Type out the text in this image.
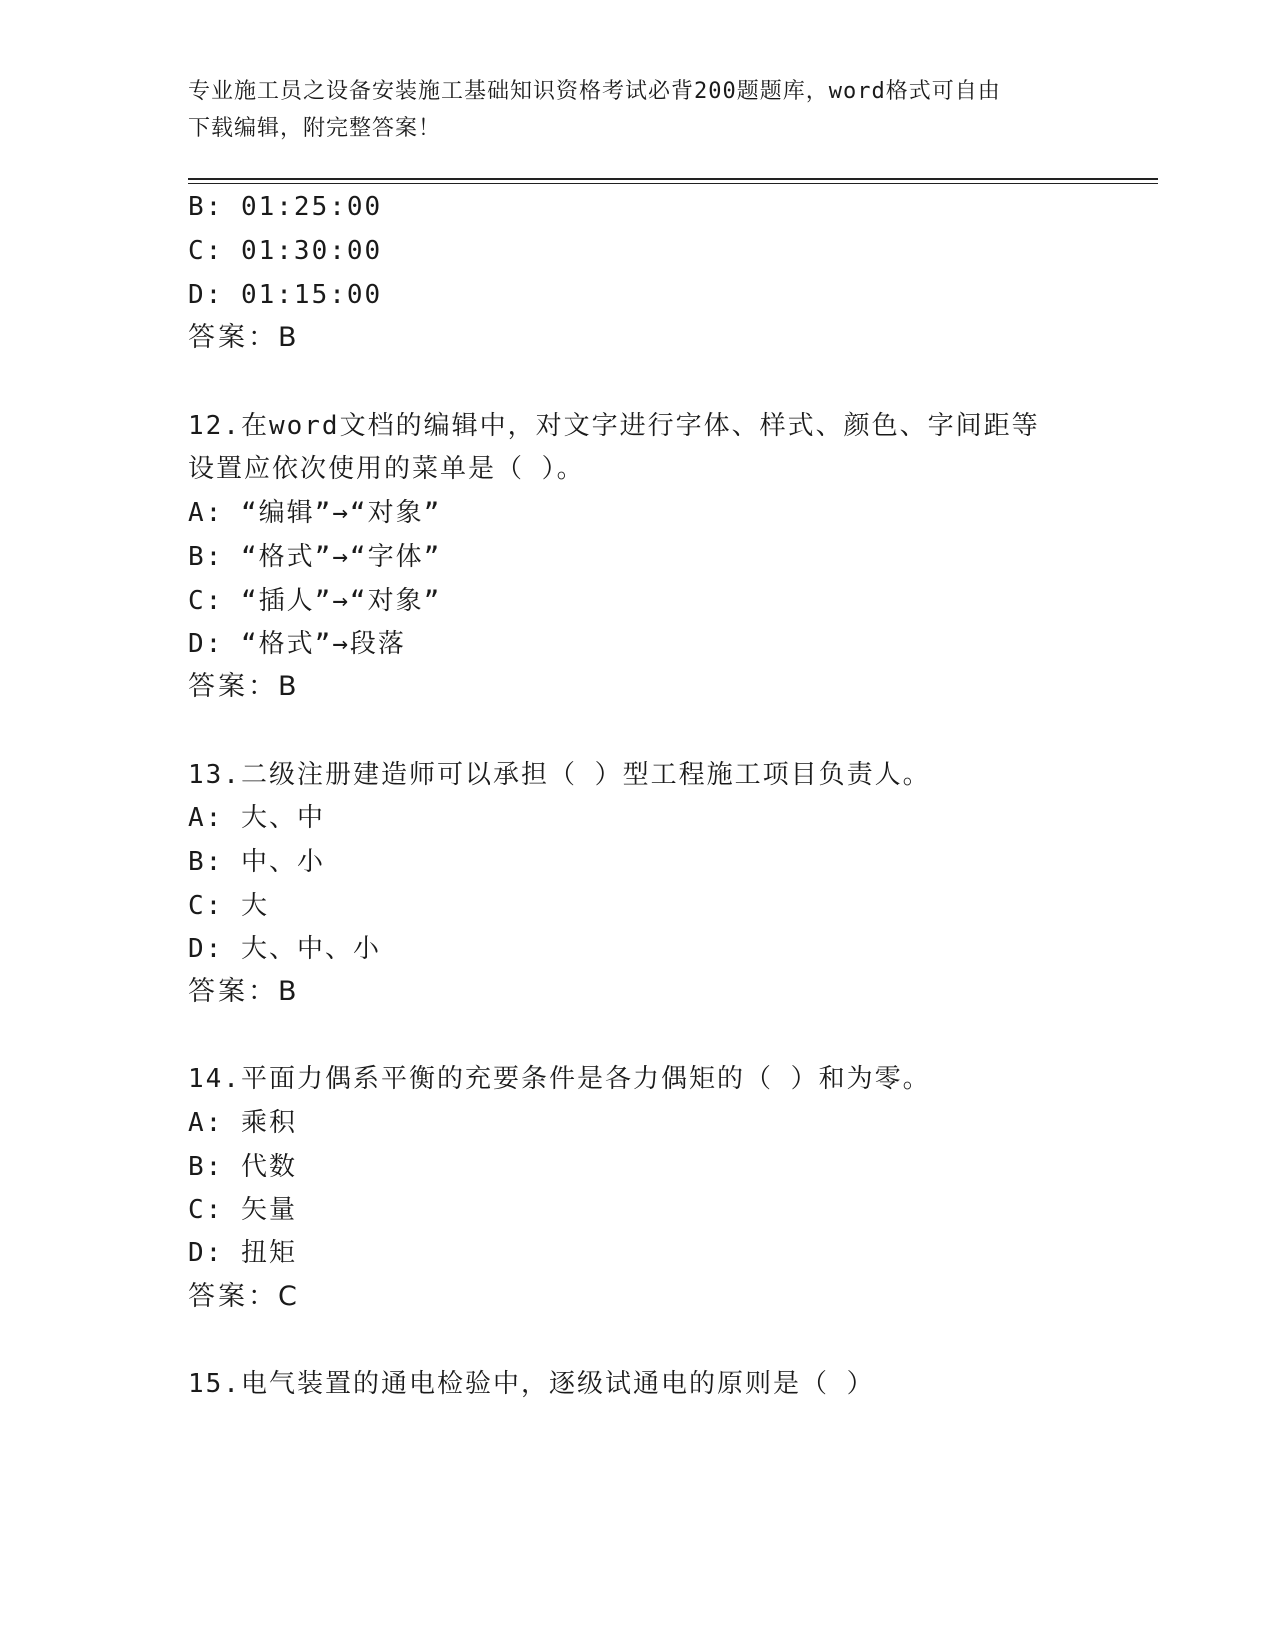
专业施工员之设备安装施工基础知识资格考试必背200题题库，word格式可自由
下载编辑，附完整答案！
B: 01:25:00
C: 01:30:00
D: 01:15:00
答案：B
12.在word文档的编辑中，对文字进行字体、样式、颜色、字间距等
设置应依次使用的菜单是（ ）。
A: “编辑”→“对象”
B: “格式”→“字体”
C: “插人”→“对象”
D: “格式”→段落
答案：B
13.二级注册建造师可以承担（ ）型工程施工项目负责人。
A: 大、中
B: 中、小
C: 大
D: 大、中、小
答案：B
14.平面力偶系平衡的充要条件是各力偶矩的（ ）和为零。
A: 乘积
B: 代数
C: 矢量
D: 扭矩
答案：C
15.电气装置的通电检验中，逐级试通电的原则是（ ）
